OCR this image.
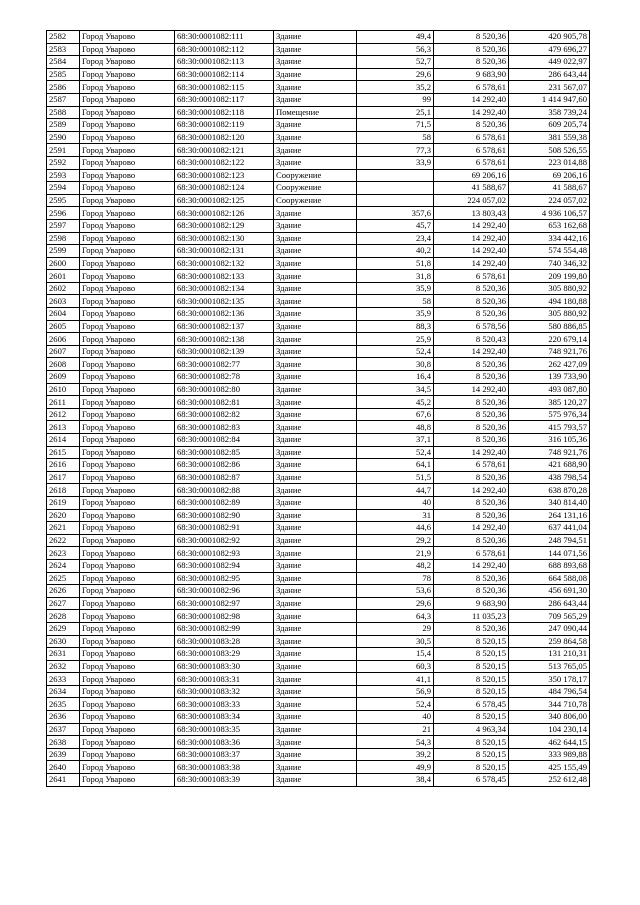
2582	Город Уварово	68:30:0001082:111	Здание	49,4	8 520,36	420 905,78
2583	Город Уварово	68:30:0001082:112	Здание	56,3	8 520,36	479 696,27
2584	Город Уварово	68:30:0001082:113	Здание	52,7	8 520,36	449 022,97
2585	Город Уварово	68:30:0001082:114	Здание	29,6	9 683,90	286 643,44
2586	Город Уварово	68:30:0001082:115	Здание	35,2	6 578,61	231 567,07
2587	Город Уварово	68:30:0001082:117	Здание	99	14 292,40	1 414 947,60
2588	Город Уварово	68:30:0001082:118	Помещение	25,1	14 292,40	358 739,24
2589	Город Уварово	68:30:0001082:119	Здание	71,5	8 520,36	609 205,74
2590	Город Уварово	68:30:0001082:120	Здание	58	6 578,61	381 559,38
2591	Город Уварово	68:30:0001082:121	Здание	77,3	6 578,61	508 526,55
2592	Город Уварово	68:30:0001082:122	Здание	33,9	6 578,61	223 014,88
2593	Город Уварово	68:30:0001082:123	Сооружение		69 206,16	69 206,16
2594	Город Уварово	68:30:0001082:124	Сооружение		41 588,67	41 588,67
2595	Город Уварово	68:30:0001082:125	Сооружение		224 057,02	224 057,02
2596	Город Уварово	68:30:0001082:126	Здание	357,6	13 803,43	4 936 106,57
2597	Город Уварово	68:30:0001082:129	Здание	45,7	14 292,40	653 162,68
2598	Город Уварово	68:30:0001082:130	Здание	23,4	14 292,40	334 442,16
2599	Город Уварово	68:30:0001082:131	Здание	40,2	14 292,40	574 554,48
2600	Город Уварово	68:30:0001082:132	Здание	51,8	14 292,40	740 346,32
2601	Город Уварово	68:30:0001082:133	Здание	31,8	6 578,61	209 199,80
2602	Город Уварово	68:30:0001082:134	Здание	35,9	8 520,36	305 880,92
2603	Город Уварово	68:30:0001082:135	Здание	58	8 520,36	494 180,88
2604	Город Уварово	68:30:0001082:136	Здание	35,9	8 520,36	305 880,92
2605	Город Уварово	68:30:0001082:137	Здание	88,3	6 578,56	580 886,85
2606	Город Уварово	68:30:0001082:138	Здание	25,9	8 520,43	220 679,14
2607	Город Уварово	68:30:0001082:139	Здание	52,4	14 292,40	748 921,76
2608	Город Уварово	68:30:0001082:77	Здание	30,8	8 520,36	262 427,09
2609	Город Уварово	68:30:0001082:78	Здание	16,4	8 520,36	139 733,90
2610	Город Уварово	68:30:0001082:80	Здание	34,5	14 292,40	493 087,80
2611	Город Уварово	68:30:0001082:81	Здание	45,2	8 520,36	385 120,27
2612	Город Уварово	68:30:0001082:82	Здание	67,6	8 520,36	575 976,34
2613	Город Уварово	68:30:0001082:83	Здание	48,8	8 520,36	415 793,57
2614	Город Уварово	68:30:0001082:84	Здание	37,1	8 520,36	316 105,36
2615	Город Уварово	68:30:0001082:85	Здание	52,4	14 292,40	748 921,76
2616	Город Уварово	68:30:0001082:86	Здание	64,1	6 578,61	421 688,90
2617	Город Уварово	68:30:0001082:87	Здание	51,5	8 520,36	438 798,54
2618	Город Уварово	68:30:0001082:88	Здание	44,7	14 292,40	638 870,28
2619	Город Уварово	68:30:0001082:89	Здание	40	8 520,36	340 814,40
2620	Город Уварово	68:30:0001082:90	Здание	31	8 520,36	264 131,16
2621	Город Уварово	68:30:0001082:91	Здание	44,6	14 292,40	637 441,04
2622	Город Уварово	68:30:0001082:92	Здание	29,2	8 520,36	248 794,51
2623	Город Уварово	68:30:0001082:93	Здание	21,9	6 578,61	144 071,56
2624	Город Уварово	68:30:0001082:94	Здание	48,2	14 292,40	688 893,68
2625	Город Уварово	68:30:0001082:95	Здание	78	8 520,36	664 588,08
2626	Город Уварово	68:30:0001082:96	Здание	53,6	8 520,36	456 691,30
2627	Город Уварово	68:30:0001082:97	Здание	29,6	9 683,90	286 643,44
2628	Город Уварово	68:30:0001082:98	Здание	64,3	11 035,23	709 565,29
2629	Город Уварово	68:30:0001082:99	Здание	29	8 520,36	247 090,44
2630	Город Уварово	68:30:0001083:28	Здание	30,5	8 520,15	259 864,58
2631	Город Уварово	68:30:0001083:29	Здание	15,4	8 520,15	131 210,31
2632	Город Уварово	68:30:0001083:30	Здание	60,3	8 520,15	513 765,05
2633	Город Уварово	68:30:0001083:31	Здание	41,1	8 520,15	350 178,17
2634	Город Уварово	68:30:0001083:32	Здание	56,9	8 520,15	484 796,54
2635	Город Уварово	68:30:0001083:33	Здание	52,4	6 578,45	344 710,78
2636	Город Уварово	68:30:0001083:34	Здание	40	8 520,15	340 806,00
2637	Город Уварово	68:30:0001083:35	Здание	21	4 963,34	104 230,14
2638	Город Уварово	68:30:0001083:36	Здание	54,3	8 520,15	462 644,15
2639	Город Уварово	68:30:0001083:37	Здание	39,2	8 520,15	333 989,88
2640	Город Уварово	68:30:0001083:38	Здание	49,9	8 520,15	425 155,49
2641	Город Уварово	68:30:0001083:39	Здание	38,4	6 578,45	252 612,48
